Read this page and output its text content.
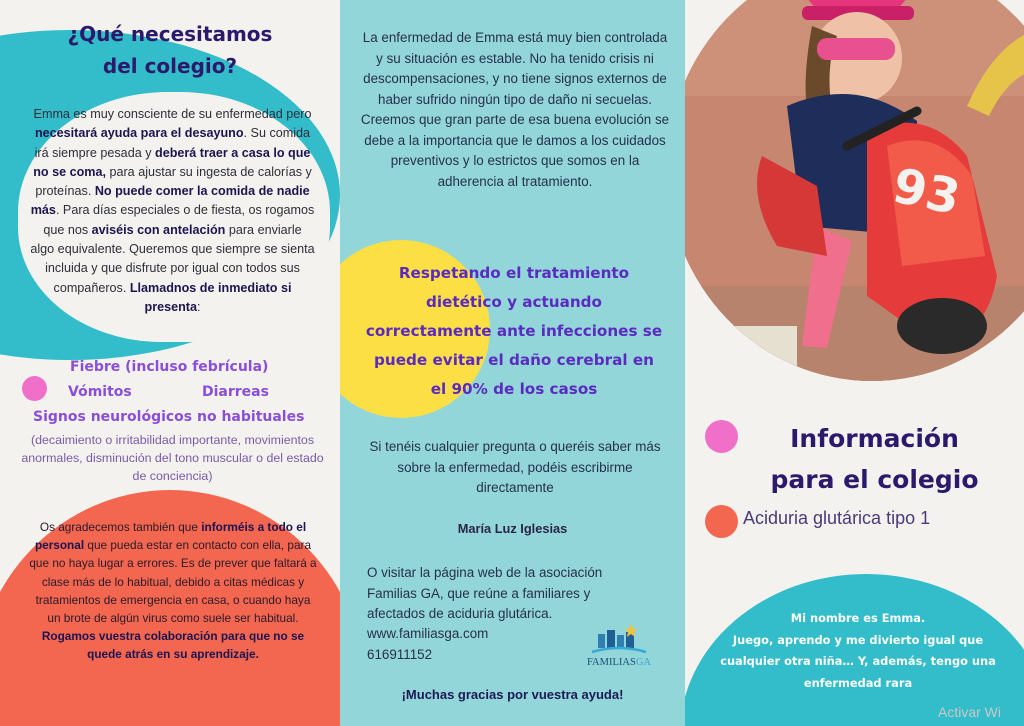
¿Qué necesitamos
del colegio?
Emma es muy consciente de su enfermedad pero necesitará ayuda para el desayuno. Su comida irá siempre pesada y deberá traer a casa lo que no se coma, para ajustar su ingesta de calorías y proteínas. No puede comer la comida de nadie más. Para días especiales o de fiesta, os rogamos que nos aviséis con antelación para enviarle algo equivalente. Queremos que siempre se sienta incluida y que disfrute por igual con todos sus compañeros. Llamadnos de inmediato si presenta:
Fiebre (incluso febrícula)
Vómitos	Diarreas
Signos neurológicos no habituales
(decaimiento o irritabilidad importante, movimientos anormales, disminución del tono muscular o del estado de conciencia)
Os agradecemos también que informéis a todo el personal que pueda estar en contacto con ella, para que no haya lugar a errores. Es de prever que faltará a clase más de lo habitual, debido a citas médicas y tratamientos de emergencia en casa, o cuando haya un brote de algún virus como suele ser habitual. Rogamos vuestra colaboración para que no se quede atrás en su aprendizaje.
La enfermedad de Emma está muy bien controlada y su situación es estable. No ha tenido crisis ni descompensaciones, y no tiene signos externos de haber sufrido ningún tipo de daño ni secuelas. Creemos que gran parte de esa buena evolución se debe a la importancia que le damos a los cuidados preventivos y lo estrictos que somos en la adherencia al tratamiento.
Respetando el tratamiento dietético y actuando correctamente ante infecciones se puede evitar el daño cerebral en el 90% de los casos
Si tenéis cualquier pregunta o queréis saber más sobre la enfermedad, podéis escribirme directamente
María Luz Iglesias
O visitar la página web de la asociación Familias GA, que reúne a familiares y afectados de aciduria glutárica.
www.familiasga.com
616911152
FAMILIASGA
¡Muchas gracias por vuestra ayuda!
93
Información
para el colegio
Aciduria glutárica tipo 1
Mi nombre es Emma.
Juego, aprendo y me divierto igual que cualquier otra niña… Y, además, tengo una enfermedad rara
Activar Wi
